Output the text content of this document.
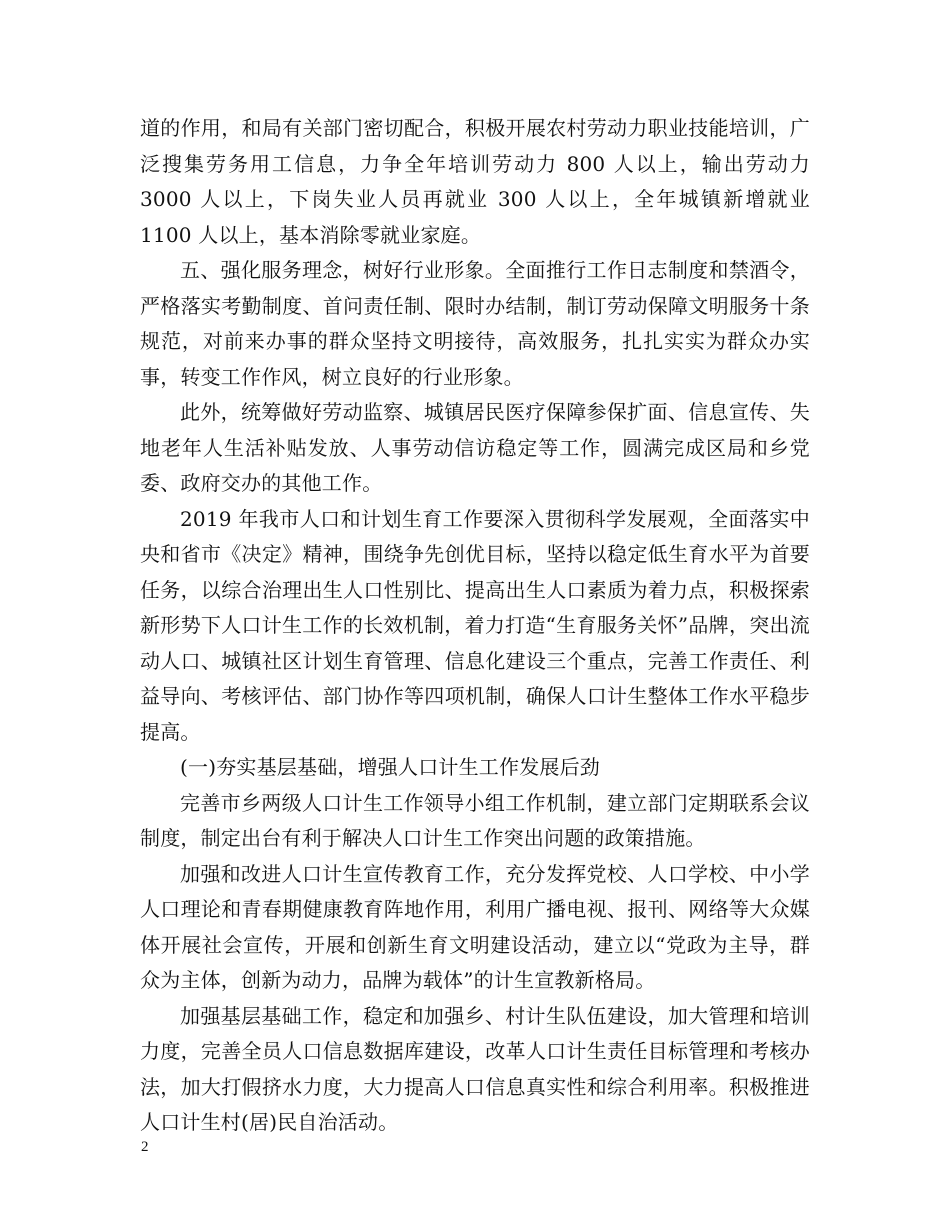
道的作用，和局有关部门密切配合，积极开展农村劳动力职业技能培训，广泛搜集劳务用工信息，力争全年培训劳动力 800 人以上，输出劳动力 3000 人以上，下岗失业人员再就业 300 人以上，全年城镇新增就业 1100 人以上，基本消除零就业家庭。

五、强化服务理念，树好行业形象。全面推行工作日志制度和禁酒令，严格落实考勤制度、首问责任制、限时办结制，制订劳动保障文明服务十条规范，对前来办事的群众坚持文明接待，高效服务，扎扎实实为群众办实事，转变工作作风，树立良好的行业形象。

此外，统筹做好劳动监察、城镇居民医疗保障参保扩面、信息宣传、失地老年人生活补贴发放、人事劳动信访稳定等工作，圆满完成区局和乡党委、政府交办的其他工作。

2019 年我市人口和计划生育工作要深入贯彻科学发展观，全面落实中央和省市《决定》精神，围绕争先创优目标，坚持以稳定低生育水平为首要任务，以综合治理出生人口性别比、提高出生人口素质为着力点，积极探索新形势下人口计生工作的长效机制，着力打造“生育服务关怀”品牌，突出流动人口、城镇社区计划生育管理、信息化建设三个重点，完善工作责任、利益导向、考核评估、部门协作等四项机制，确保人口计生整体工作水平稳步提高。

(一)夯实基层基础，增强人口计生工作发展后劲

完善市乡两级人口计生工作领导小组工作机制，建立部门定期联系会议制度，制定出台有利于解决人口计生工作突出问题的政策措施。

加强和改进人口计生宣传教育工作，充分发挥党校、人口学校、中小学人口理论和青春期健康教育阵地作用，利用广播电视、报刊、网络等大众媒体开展社会宣传，开展和创新生育文明建设活动，建立以“党政为主导，群众为主体，创新为动力，品牌为载体”的计生宣教新格局。

加强基层基础工作，稳定和加强乡、村计生队伍建设，加大管理和培训力度，完善全员人口信息数据库建设，改革人口计生责任目标管理和考核办法，加大打假挤水力度，大力提高人口信息真实性和综合利用率。积极推进人口计生村(居)民自治活动。

2
